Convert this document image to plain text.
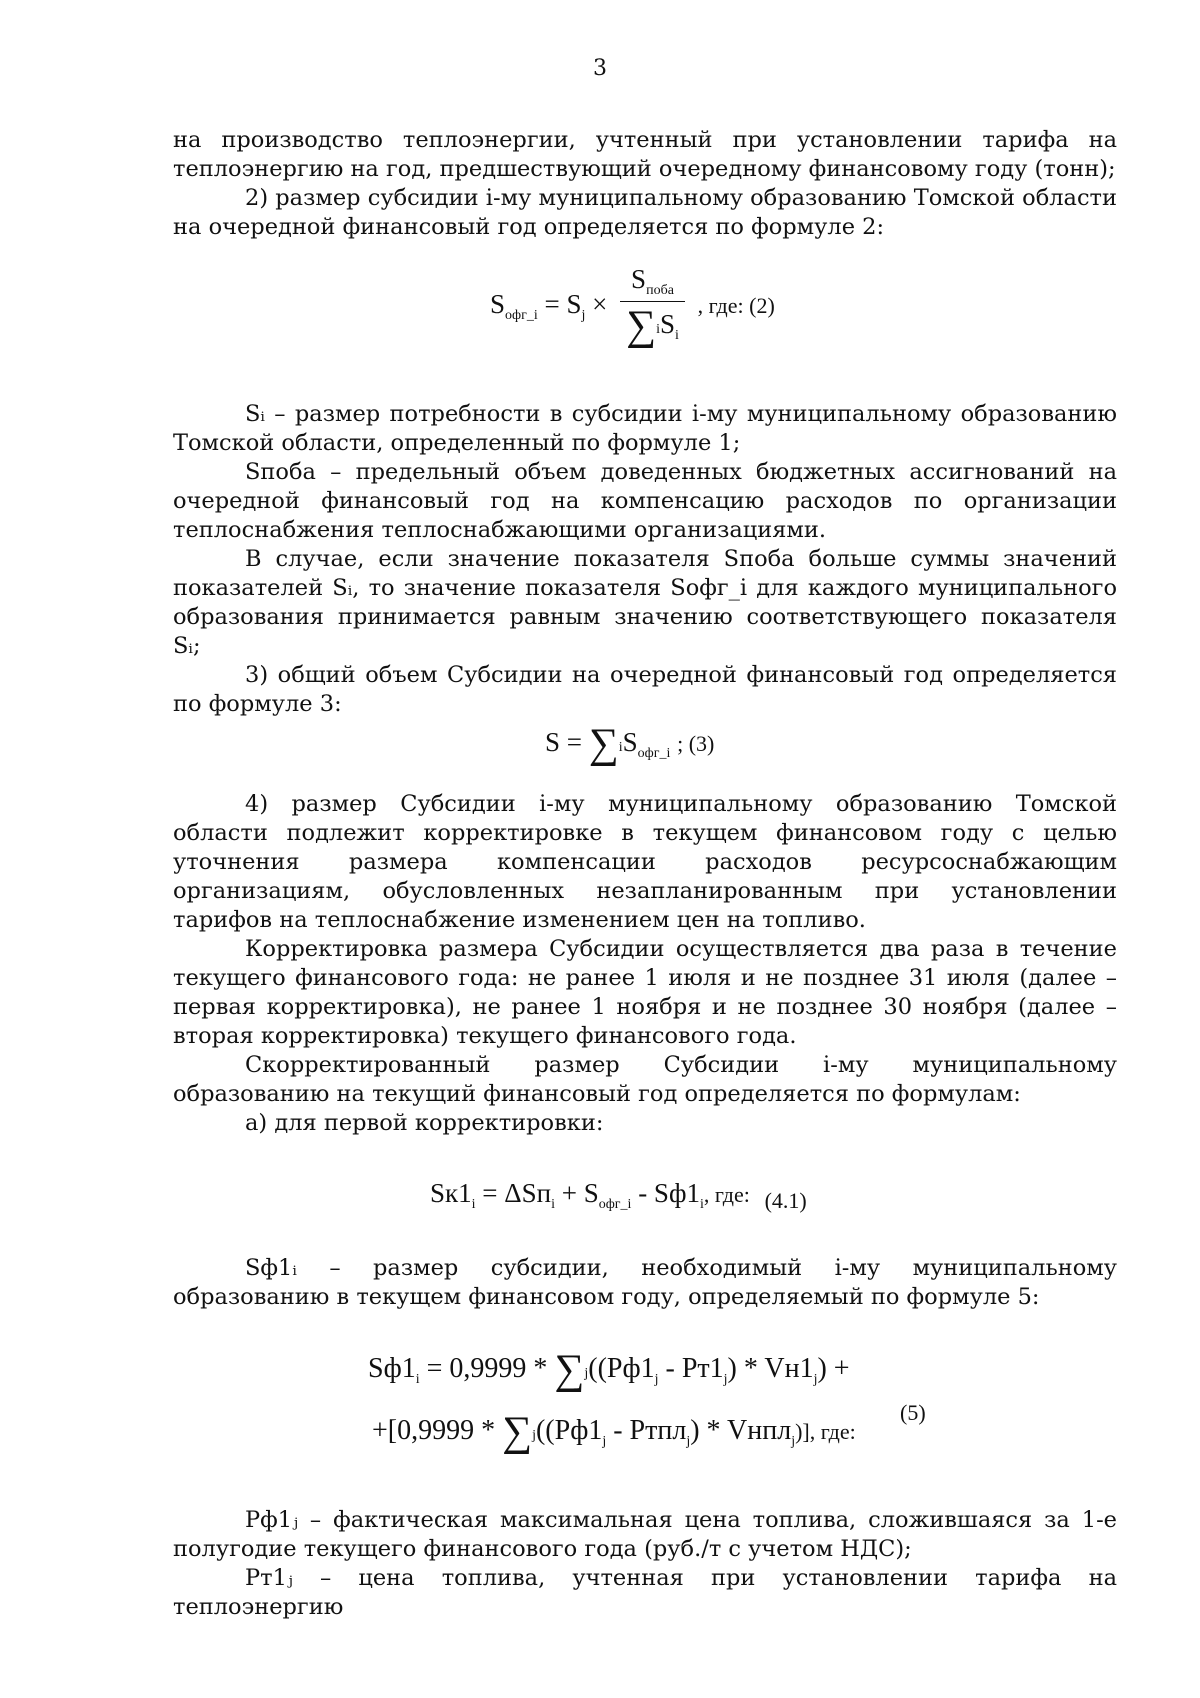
3

на производство теплоэнергии, учтенный при установлении тарифа на теплоэнергию на год, предшествующий очередному финансовому году (тонн);

2) размер субсидии i-му муниципальному образованию Томской области на очередной финансовый год определяется по формуле 2:

$S_{офг\_i} = S_j \times \frac{S_{поба}}{\sum iS_i}$ , где: (2)

Sᵢ – размер потребности в субсидии i-му муниципальному образованию Томской области, определенный по формуле 1;

Sпоба – предельный объем доведенных бюджетных ассигнований на очередной финансовый год на компенсацию расходов по организации теплоснабжения теплоснабжающими организациями.

В случае, если значение показателя Sпоба больше суммы значений показателей Sᵢ, то значение показателя Sофг_i для каждого муниципального образования принимается равным значению соответствующего показателя Sᵢ;

3) общий объем Субсидии на очередной финансовый год определяется по формуле 3:

$S = \sum iS_{офг\_i}$ ; (3)

4) размер Субсидии i-му муниципальному образованию Томской области подлежит корректировке в текущем финансовом году с целью уточнения размера компенсации расходов ресурсоснабжающим организациям, обусловленных незапланированным при установлении тарифов на теплоснабжение изменением цен на топливо.

Корректировка размера Субсидии осуществляется два раза в течение текущего финансового года: не ранее 1 июля и не позднее 31 июля (далее – первая корректировка), не ранее 1 ноября и не позднее 30 ноября (далее – вторая корректировка) текущего финансового года.

Скорректированный размер Субсидии i-му муниципальному образованию на текущий финансовый год определяется по формулам:

а) для первой корректировки:

$Sк1_i = \Delta Sп_i + S_{офг\_i} - Sф1_i$, где: $_{(4.1)}$

Sф1ᵢ – размер субсидии, необходимый i-му муниципальному образованию в текущем финансовом году, определяемый по формуле 5:

$Sф1_i = 0,9999 * \sum j((Pф1_j - Pт1_j) * Vн1_j)$ +
$+[0,9999 * \sum j((Pф1_j$ - Pтпл$_j$) * Vнпл$_j$)], где:
(5)

Pф1ⱼ – фактическая максимальная цена топлива, сложившаяся за 1-е полугодие текущего финансового года (руб./т с учетом НДС);

Pт1ⱼ – цена топлива, учтенная при установлении тарифа на теплоэнергию
